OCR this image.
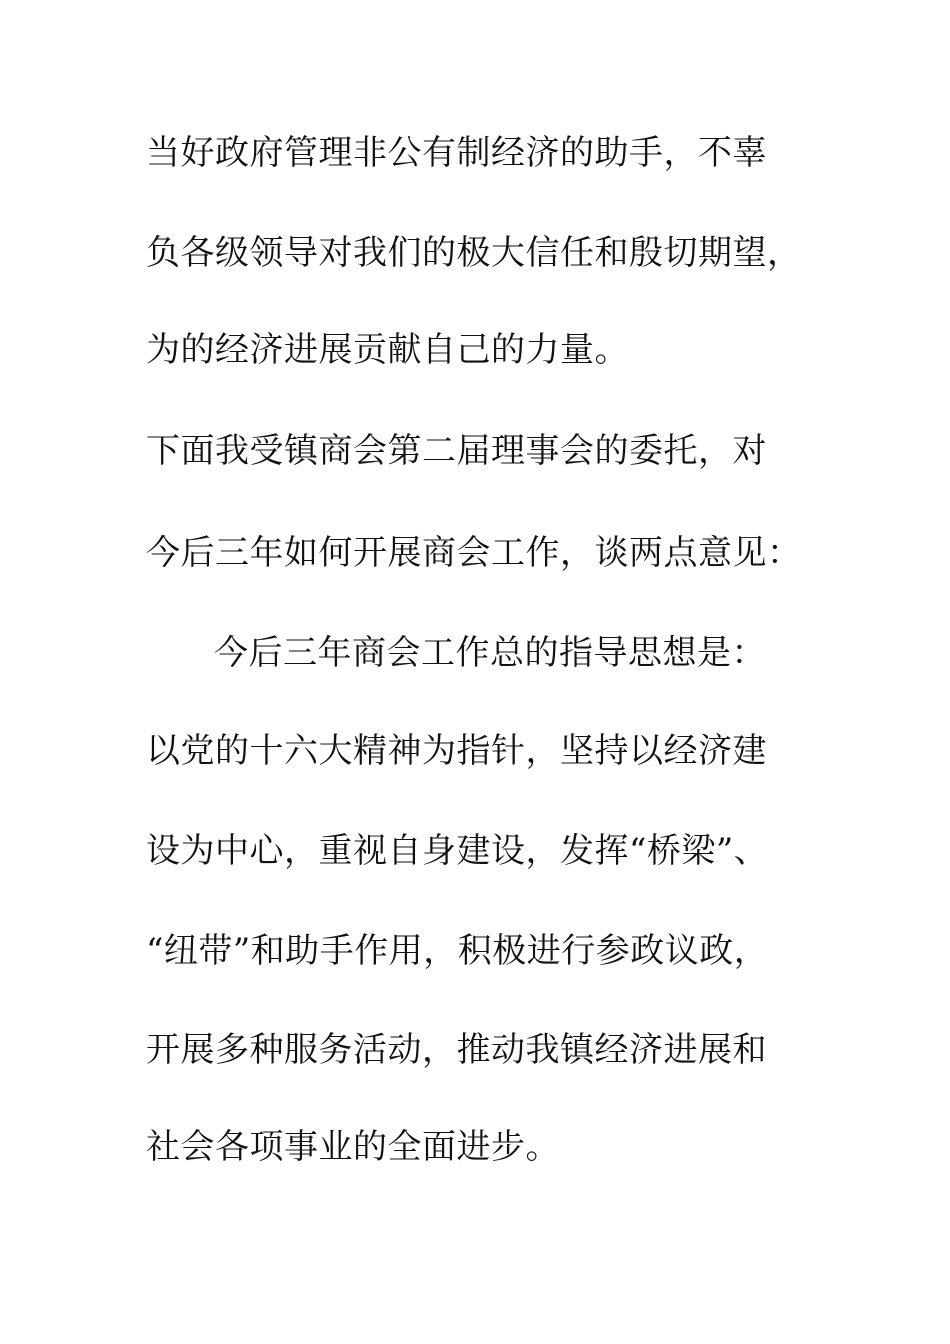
当好政府管理非公有制经济的助手，不辜
负各级领导对我们的极大信任和殷切期望，
为的经济进展贡献自己的力量。
下面我受镇商会第二届理事会的委托，对
今后三年如何开展商会工作，谈两点意见：
今后三年商会工作总的指导思想是：
以党的十六大精神为指针，坚持以经济建
设为中心，重视自身建设，发挥“桥梁”、
“纽带”和助手作用，积极进行参政议政，
开展多种服务活动，推动我镇经济进展和
社会各项事业的全面进步。
